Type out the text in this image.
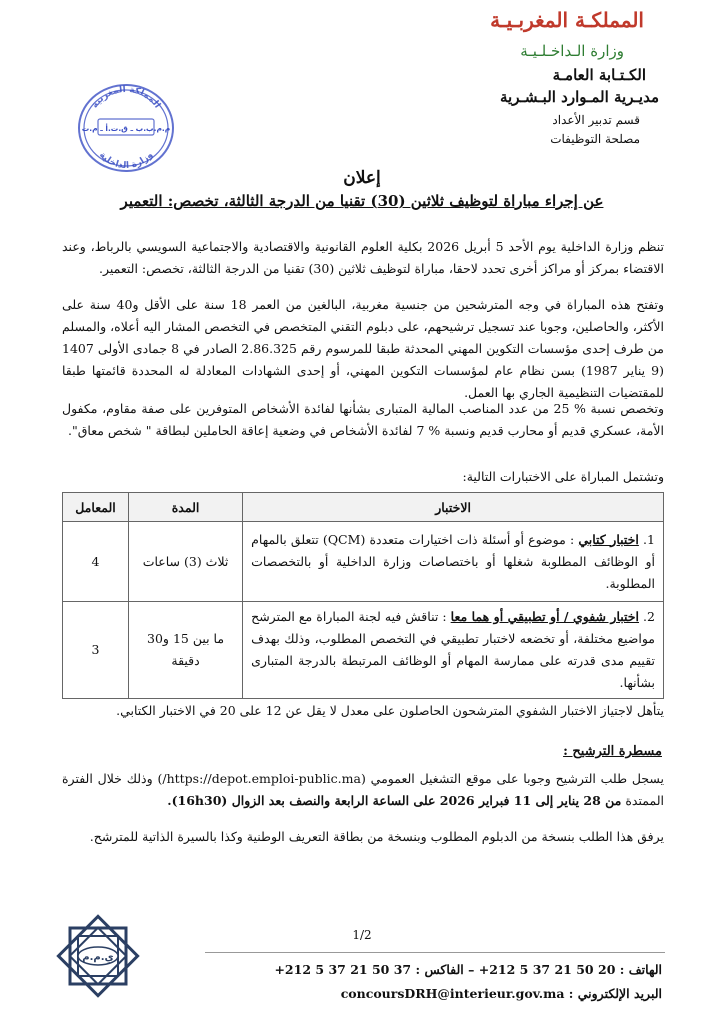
المملكـة المغربـيـة
وزارة الـداخـلـيـة
الكـتـابة العامـة
مديـرية المـوارد البـشـرية
قسم تدبير الأعداد
مصلحة التوظيفات
المملكة المغربية
م.م.ب.ب ـ ق.ت.أ ـ م.ت
وزارة الداخلية
إعلان
عن إجراء مباراة لتوظيف ثلاثين (30) تقنيا من الدرجة الثالثة، تخصص: التعمير
تنظم وزارة الداخلية يوم الأحد 5 أبريل 2026 بكلية العلوم القانونية والاقتصادية والاجتماعية السويسي بالرباط، وعند الاقتضاء بمركز أو مراكز أخرى تحدد لاحقا، مباراة لتوظيف ثلاثين (30) تقنيا من الدرجة الثالثة، تخصص: التعمير.
وتفتح هذه المباراة في وجه المترشحين من جنسية مغربية، البالغين من العمر 18 سنة على الأقل و40 سنة على الأكثر، والحاصلين، وجوبا عند تسجيل ترشيحهم، على دبلوم التقني المتخصص في التخصص المشار اليه أعلاه، والمسلم من طرف إحدى مؤسسات التكوين المهني المحدثة طبقا للمرسوم رقم 2.86.325 الصادر في 8 جمادى الأولى 1407 (9 يناير 1987) بسن نظام عام لمؤسسات التكوين المهني، أو إحدى الشهادات المعادلة له المحددة قائمتها طبقا للمقتضيات التنظيمية الجاري بها العمل.
وتخصص نسبة % 25 من عدد المناصب المالية المتبارى بشأنها لفائدة الأشخاص المتوفرين على صفة مقاوم، مكفول الأمة، عسكري قديم أو محارب قديم ونسبة % 7 لفائدة الأشخاص في وضعية إعاقة الحاملين لبطاقة " شخص معاق".
وتشتمل المباراة على الاختبارات التالية:
الاختبار	المدة	المعامل
1. اختبار كتابي : موضوع أو أسئلة ذات اختيارات متعددة (QCM) تتعلق بالمهام أو الوظائف المطلوبة شغلها أو باختصاصات وزارة الداخلية أو بالتخصصات المطلوبة.	ثلاث (3) ساعات	4
2. اختبار شفوي / أو تطبيقي أو هما معا : تناقش فيه لجنة المباراة مع المترشح مواضيع مختلفة، أو تخضعه لاختبار تطبيقي في التخصص المطلوب، وذلك بهدف تقييم مدى قدرته على ممارسة المهام أو الوظائف المرتبطة بالدرجة المتبارى بشأنها.	ما بين 15 و30 دقيقة	3
يتأهل لاجتياز الاختبار الشفوي المترشحون الحاصلون على معدل لا يقل عن 12 على 20 في الاختبار الكتابي.
مسطرة الترشيح :
يسجل طلب الترشيح وجوبا على موقع التشغيل العمومي (https://depot.emploi-public.ma/) وذلك خلال الفترة الممتدة من 28 يناير إلى 11 فبراير 2026 على الساعة الرابعة والنصف بعد الزوال (16h30).
يرفق هذا الطلب بنسخة من الدبلوم المطلوب وبنسخة من بطاقة التعريف الوطنية وكذا بالسيرة الذاتية للمترشح.
1/2
الهاتف : 20 50 21 37 5 212+ – الفاكس : 37 50 21 37 5 212+
البريد الإلكتروني : concoursDRH@interieur.gov.ma
ي.م.م
